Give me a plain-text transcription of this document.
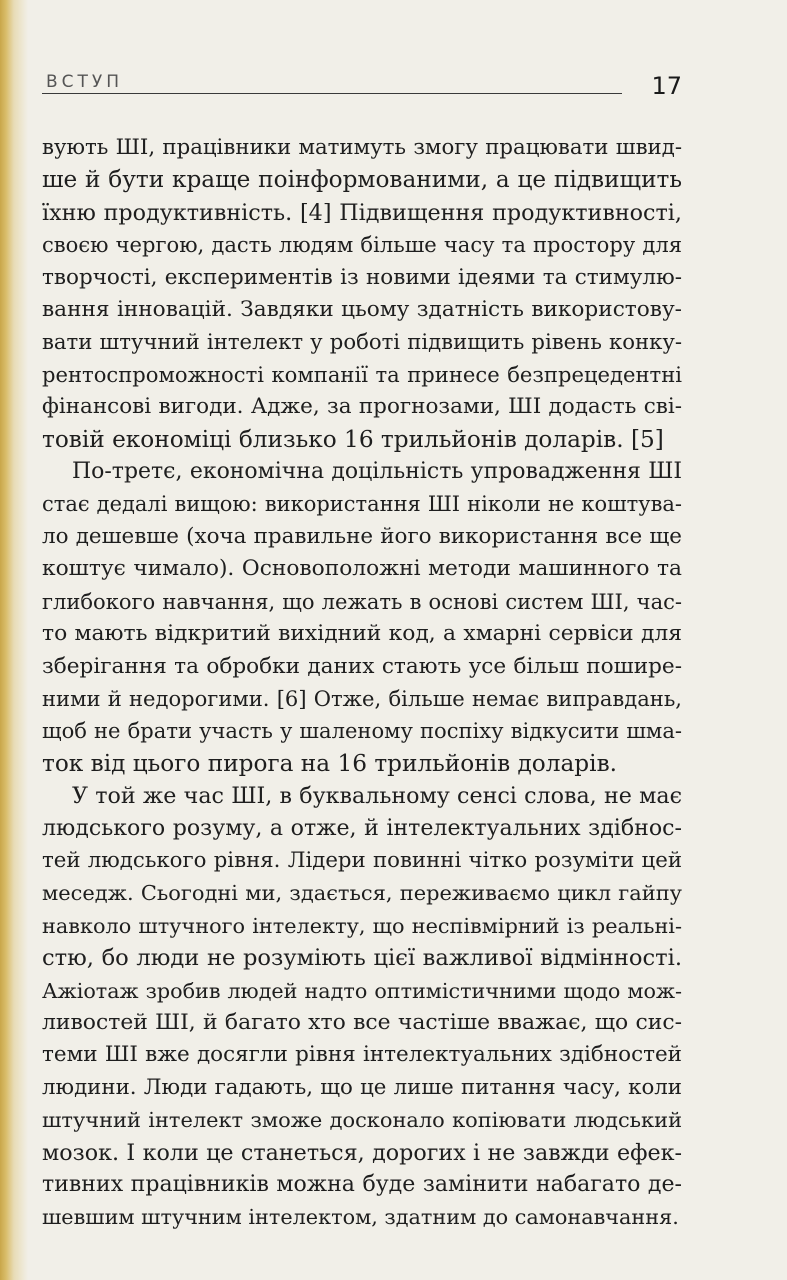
ВСТУП	17

вують ШІ, працівники матимуть змогу працювати швид-
ше й бути краще поінформованими, а це підвищить
їхню продуктивність. [4] Підвищення продуктивності,
своєю чергою, дасть людям більше часу та простору для
творчості, експериментів із новими ідеями та стимулю-
вання інновацій. Завдяки цьому здатність використову-
вати штучний інтелект у роботі підвищить рівень конку-
рентоспроможності компанії та принесе безпрецедентні
фінансові вигоди. Адже, за прогнозами, ШІ додасть сві-
товій економіці близько 16 трильйонів доларів. [5]

По-третє, економічна доцільність упровадження ШІ
стає дедалі вищою: використання ШІ ніколи не коштува-
ло дешевше (хоча правильне його використання все ще
коштує чимало). Основоположні методи машинного та
глибокого навчання, що лежать в основі систем ШІ, час-
то мають відкритий вихідний код, а хмарні сервіси для
зберігання та обробки даних стають усе більш пошире-
ними й недорогими. [6] Отже, більше немає виправдань,
щоб не брати участь у шаленому поспіху відкусити шма-
ток від цього пирога на 16 трильйонів доларів.

У той же час ШІ, в буквальному сенсі слова, не має
людського розуму, а отже, й інтелектуальних здібнос-
тей людського рівня. Лідери повинні чітко розуміти цей
меседж. Сьогодні ми, здається, переживаємо цикл гайпу
навколо штучного інтелекту, що неспівмірний із реальні-
стю, бо люди не розуміють цієї важливої відмінності.
Ажіотаж зробив людей надто оптимістичними щодо мож-
ливостей ШІ, й багато хто все частіше вважає, що сис-
теми ШІ вже досягли рівня інтелектуальних здібностей
людини. Люди гадають, що це лише питання часу, коли
штучний інтелект зможе досконало копіювати людський
мозок. І коли це станеться, дорогих і не завжди ефек-
тивних працівників можна буде замінити набагато де-
шевшим штучним інтелектом, здатним до самонавчання.
